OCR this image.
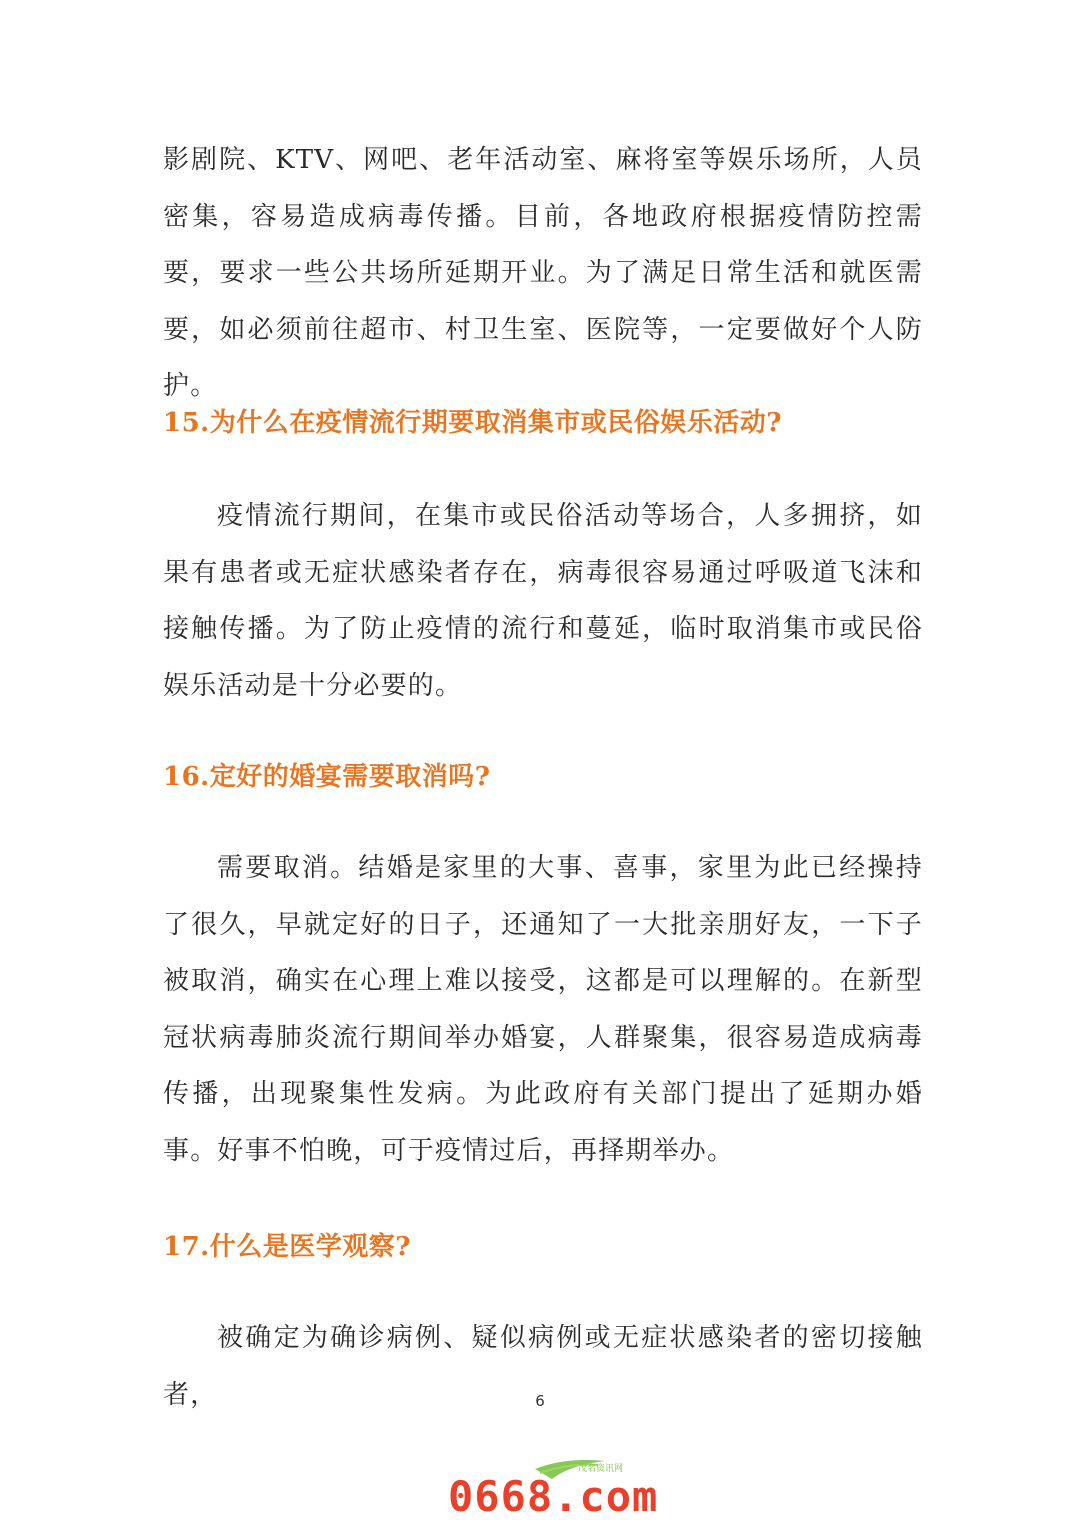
影剧院、KTV、网吧、老年活动室、麻将室等娱乐场所，人员密集，容易造成病毒传播。目前，各地政府根据疫情防控需要，要求一些公共场所延期开业。为了满足日常生活和就医需要，如必须前往超市、村卫生室、医院等，一定要做好个人防护。

15.为什么在疫情流行期要取消集市或民俗娱乐活动?

疫情流行期间，在集市或民俗活动等场合，人多拥挤，如果有患者或无症状感染者存在，病毒很容易通过呼吸道飞沫和接触传播。为了防止疫情的流行和蔓延，临时取消集市或民俗娱乐活动是十分必要的。

16.定好的婚宴需要取消吗?

需要取消。结婚是家里的大事、喜事，家里为此已经操持了很久，早就定好的日子，还通知了一大批亲朋好友，一下子被取消，确实在心理上难以接受，这都是可以理解的。在新型冠状病毒肺炎流行期间举办婚宴，人群聚集，很容易造成病毒传播，出现聚集性发病。为此政府有关部门提出了延期办婚事。好事不怕晚，可于疫情过后，再择期举办。

17.什么是医学观察?

被确定为确诊病例、疑似病例或无症状感染者的密切接触者，	6
茂名资讯网
0668.com
